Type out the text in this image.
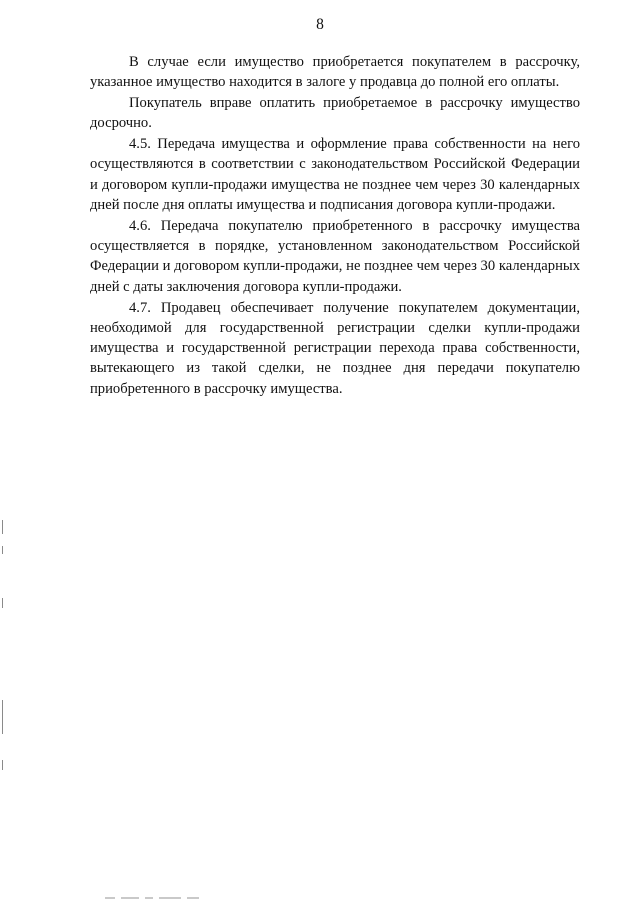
8

В случае если имущество приобретается покупателем в рассрочку, указанное имущество находится в залоге у продавца до полной его оплаты.

Покупатель вправе оплатить приобретаемое в рассрочку имущество досрочно.

4.5. Передача имущества и оформление права собственности на него осуществляются в соответствии с законодательством Российской Федерации и договором купли-продажи имущества не позднее чем через 30 календарных дней после дня оплаты имущества и подписания договора купли-продажи.

4.6. Передача покупателю приобретенного в рассрочку имущества осуществляется в порядке, установленном законодательством Российской Федерации и договором купли-продажи, не позднее чем через 30 календарных дней с даты заключения договора купли-продажи.

4.7. Продавец обеспечивает получение покупателем документации, необходимой для государственной регистрации сделки купли-продажи имущества и государственной регистрации перехода права собственности, вытекающего из такой сделки, не позднее дня передачи покупателю приобретенного в рассрочку имущества.
